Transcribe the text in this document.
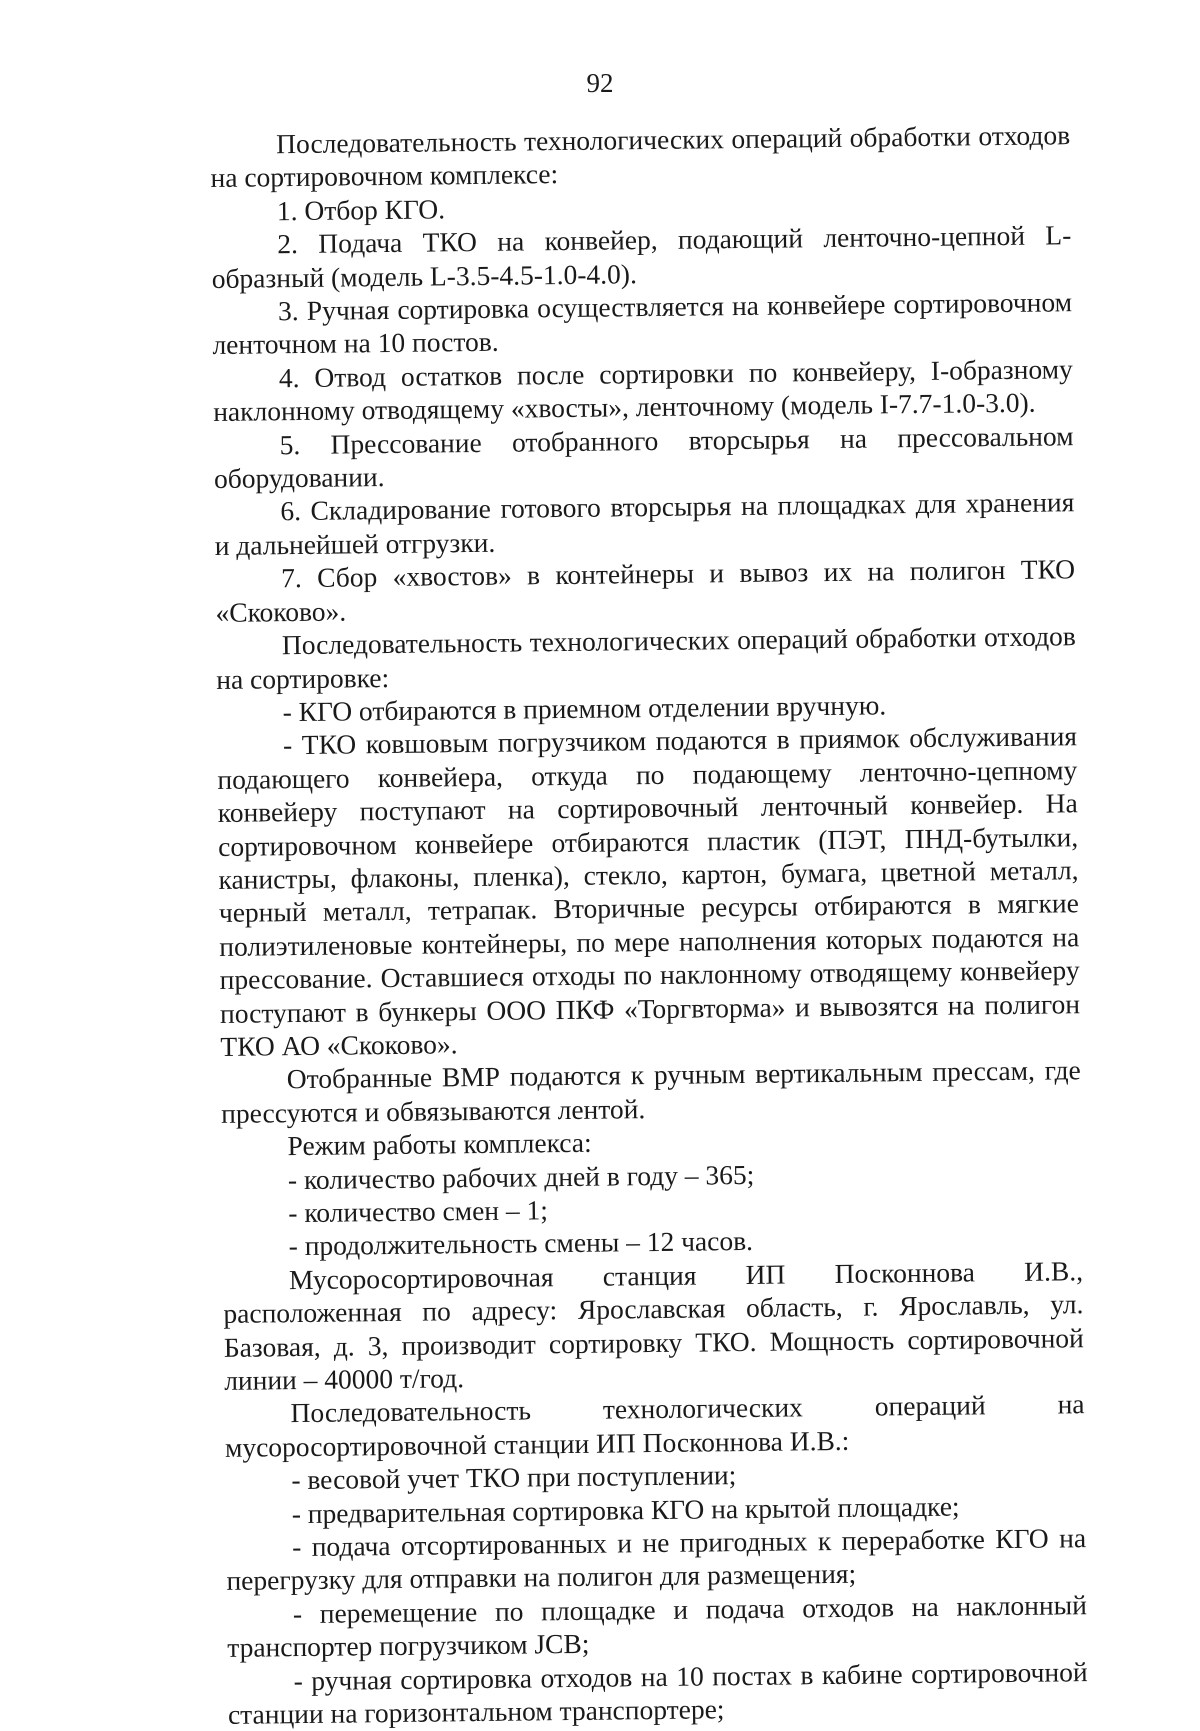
92

Последовательность технологических операций обработки отходов на сортировочном комплексе:

1. Отбор КГО.

2. Подача ТКО на конвейер, подающий ленточно-цепной L-образный (модель L-3.5-4.5-1.0-4.0).

3. Ручная сортировка осуществляется на конвейере сортировочном ленточном на 10 постов.

4. Отвод остатков после сортировки по конвейеру, I-образному наклонному отводящему «хвосты», ленточному (модель I-7.7-1.0-3.0).

5. Прессование отобранного вторсырья на прессовальном оборудовании.

6. Складирование готового вторсырья на площадках для хранения и дальнейшей отгрузки.

7. Сбор «хвостов» в контейнеры и вывоз их на полигон ТКО «Скоково».

Последовательность технологических операций обработки отходов на сортировке:

- КГО отбираются в приемном отделении вручную.

- ТКО ковшовым погрузчиком подаются в приямок обслуживания подающего конвейера, откуда по подающему ленточно-цепному конвейеру поступают на сортировочный ленточный конвейер. На сортировочном конвейере отбираются пластик (ПЭТ, ПНД-бутылки, канистры, флаконы, пленка), стекло, картон, бумага, цветной металл, черный металл, тетрапак. Вторичные ресурсы отбираются в мягкие полиэтиленовые контейнеры, по мере наполнения которых подаются на прессование. Оставшиеся отходы по наклонному отводящему конвейеру поступают в бункеры ООО ПКФ «Торгвторма» и вывозятся на полигон ТКО АО «Скоково».

Отобранные ВМР подаются к ручным вертикальным прессам, где прессуются и обвязываются лентой.

Режим работы комплекса:

- количество рабочих дней в году – 365;

- количество смен – 1;

- продолжительность смены – 12 часов.

Мусоросортировочная станция ИП Посконнова И.В., расположенная по адресу: Ярославская область, г. Ярославль, ул. Базовая, д. 3, производит сортировку ТКО. Мощность сортировочной линии – 40000 т/год.

Последовательность технологических операций на мусоросортировочной станции ИП Посконнова И.В.:

- весовой учет ТКО при поступлении;

- предварительная сортировка КГО на крытой площадке;

- подача отсортированных и не пригодных к переработке КГО на перегрузку для отправки на полигон для размещения;

- перемещение по площадке и подача отходов на наклонный транспортер погрузчиком JCB;

- ручная сортировка отходов на 10 постах в кабине сортировочной станции на горизонтальном транспортере;
